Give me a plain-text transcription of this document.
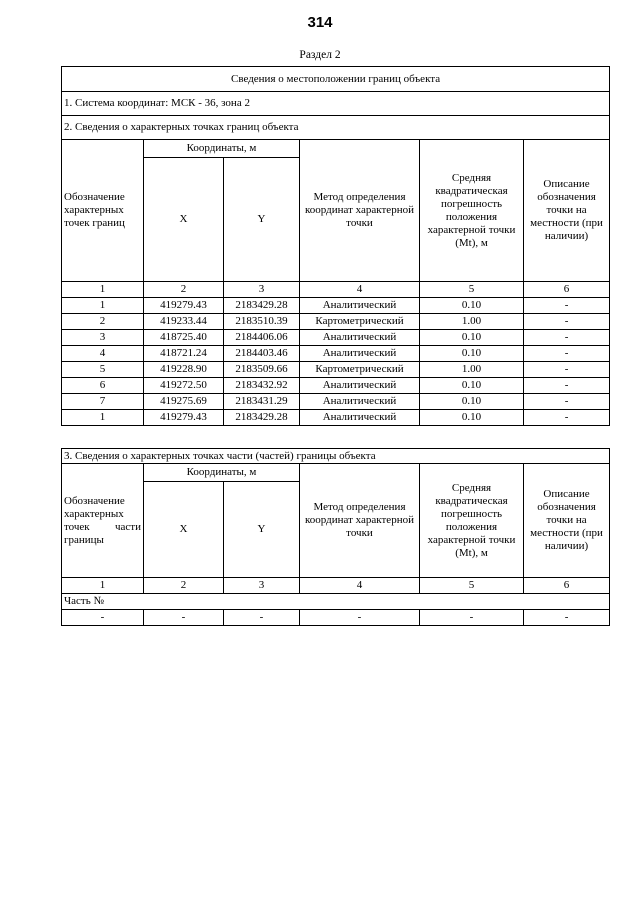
314
Раздел 2
Сведения о местоположении границ объекта					
1. Система координат: МСК - 36, зона 2					
2. Сведения о характерных точках границ объекта					
Обозначение характерных точек границ	Координаты, м		Метод определения координат характерной точки	Средняя квадратическая погрешность положения характерной точки (Mt), м	Описание обозначения точки на местности (при наличии)
	X	Y			
1	2	3	4	5	6
1	419279.43	2183429.28	Аналитический	0.10	-
2	419233.44	2183510.39	Картометрический	1.00	-
3	418725.40	2184406.06	Аналитический	0.10	-
4	418721.24	2184403.46	Аналитический	0.10	-
5	419228.90	2183509.66	Картометрический	1.00	-
6	419272.50	2183432.92	Аналитический	0.10	-
7	419275.69	2183431.29	Аналитический	0.10	-
1	419279.43	2183429.28	Аналитический	0.10	-
3. Сведения о характерных точках части (частей) границы объекта					
Обозначение характерных точек части границы	Координаты, м		Метод определения координат характерной точки	Средняя квадратическая погрешность положения характерной точки (Mt), м	Описание обозначения точки на местности (при наличии)
	X	Y			
1	2	3	4	5	6
Часть №					
-	-	-	-	-	-
